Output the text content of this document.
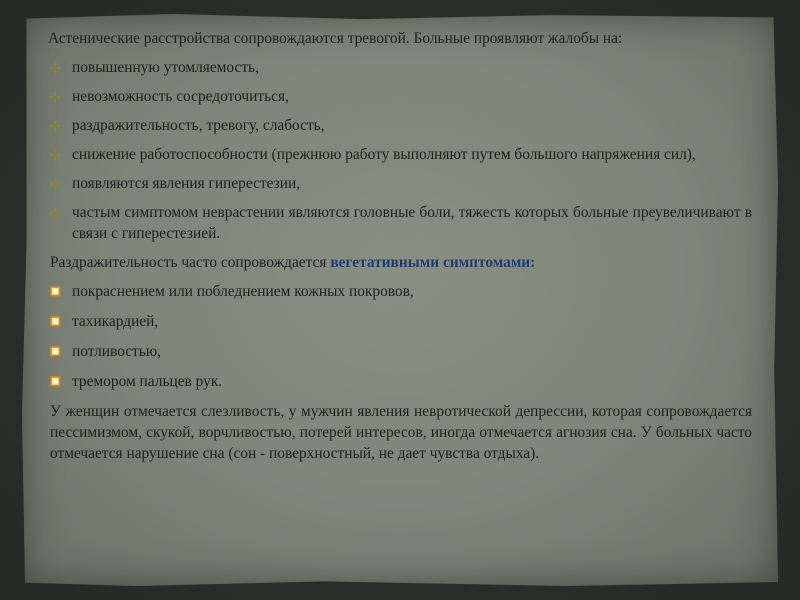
Астенические расстройства сопровождаются тревогой. Больные проявляют жалобы на:

повышенную утомляемость,
невозможность сосредоточиться,
раздражительность, тревогу, слабость,
снижение работоспособности (прежнюю работу выполняют путем большого напряжения сил),
появляются явления гиперестезии,
частым симптомом неврастении являются головные боли, тяжесть которых больные преувеличивают в связи с гиперестезией.

Раздражительность часто сопровождается вегетативными симптомами:

покраснением или побледнением кожных покровов,
тахикардией,
потливостью,
тремором пальцев рук.

У женщин отмечается слезливость, у мужчин явления невротической депрессии, которая сопровождается пессимизмом, скукой, ворчливостью, потерей интересов, иногда отмечается агнозия сна. У больных часто отмечается нарушение сна (сон - поверхностный, не дает чувства отдыха).
